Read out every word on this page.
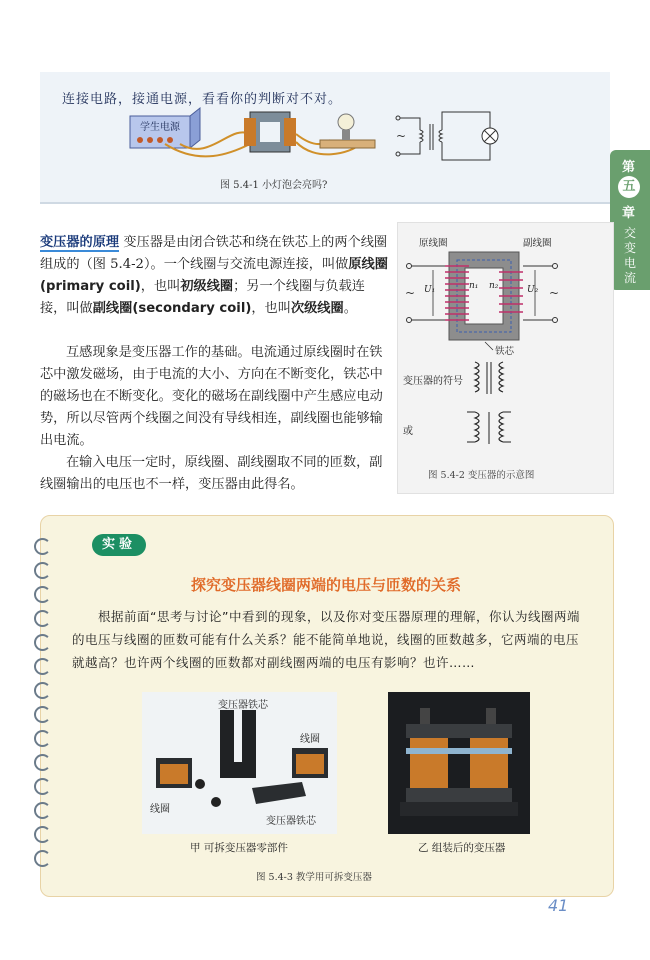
连接电路，接通电源，看看你的判断对不对。
学生电源
~
图 5.4-1 小灯泡会亮吗?
第
五
章
交变电流
变压器的原理 变压器是由闭合铁芯和绕在铁芯上的两个线圈组成的（图 5.4-2）。一个线圈与交流电源连接，叫做原线圈(primary coil)，也叫初级线圈；另一个线圈与负载连接，叫做副线圈(secondary coil)，也叫次级线圈。
互感现象是变压器工作的基础。电流通过原线圈时在铁芯中激发磁场，由于电流的大小、方向在不断变化，铁芯中的磁场也在不断变化。变化的磁场在副线圈中产生感应电动势，所以尽管两个线圈之间没有导线相连，副线圈也能够输出电流。
在输入电压一定时，原线圈、副线圈取不同的匝数，副线圈输出的电压也不一样，变压器由此得名。
原线圈	副线圈
n₁ n₂
~ U₁	~
U₂
铁芯
变压器的符号
或
图 5.4-2 变压器的示意图
实验
探究变压器线圈两端的电压与匝数的关系
根据前面“思考与讨论”中看到的现象，以及你对变压器原理的理解，你认为线圈两端的电压与线圈的匝数可能有什么关系？能不能简单地说，线圈的匝数越多，它两端的电压就越高？也许两个线圈的匝数都对副线圈两端的电压有影响？也许……
变压器铁芯
线圈
线圈
变压器铁芯
甲 可拆变压器零部件	乙 组装后的变压器
图 5.4-3 教学用可拆变压器
41
